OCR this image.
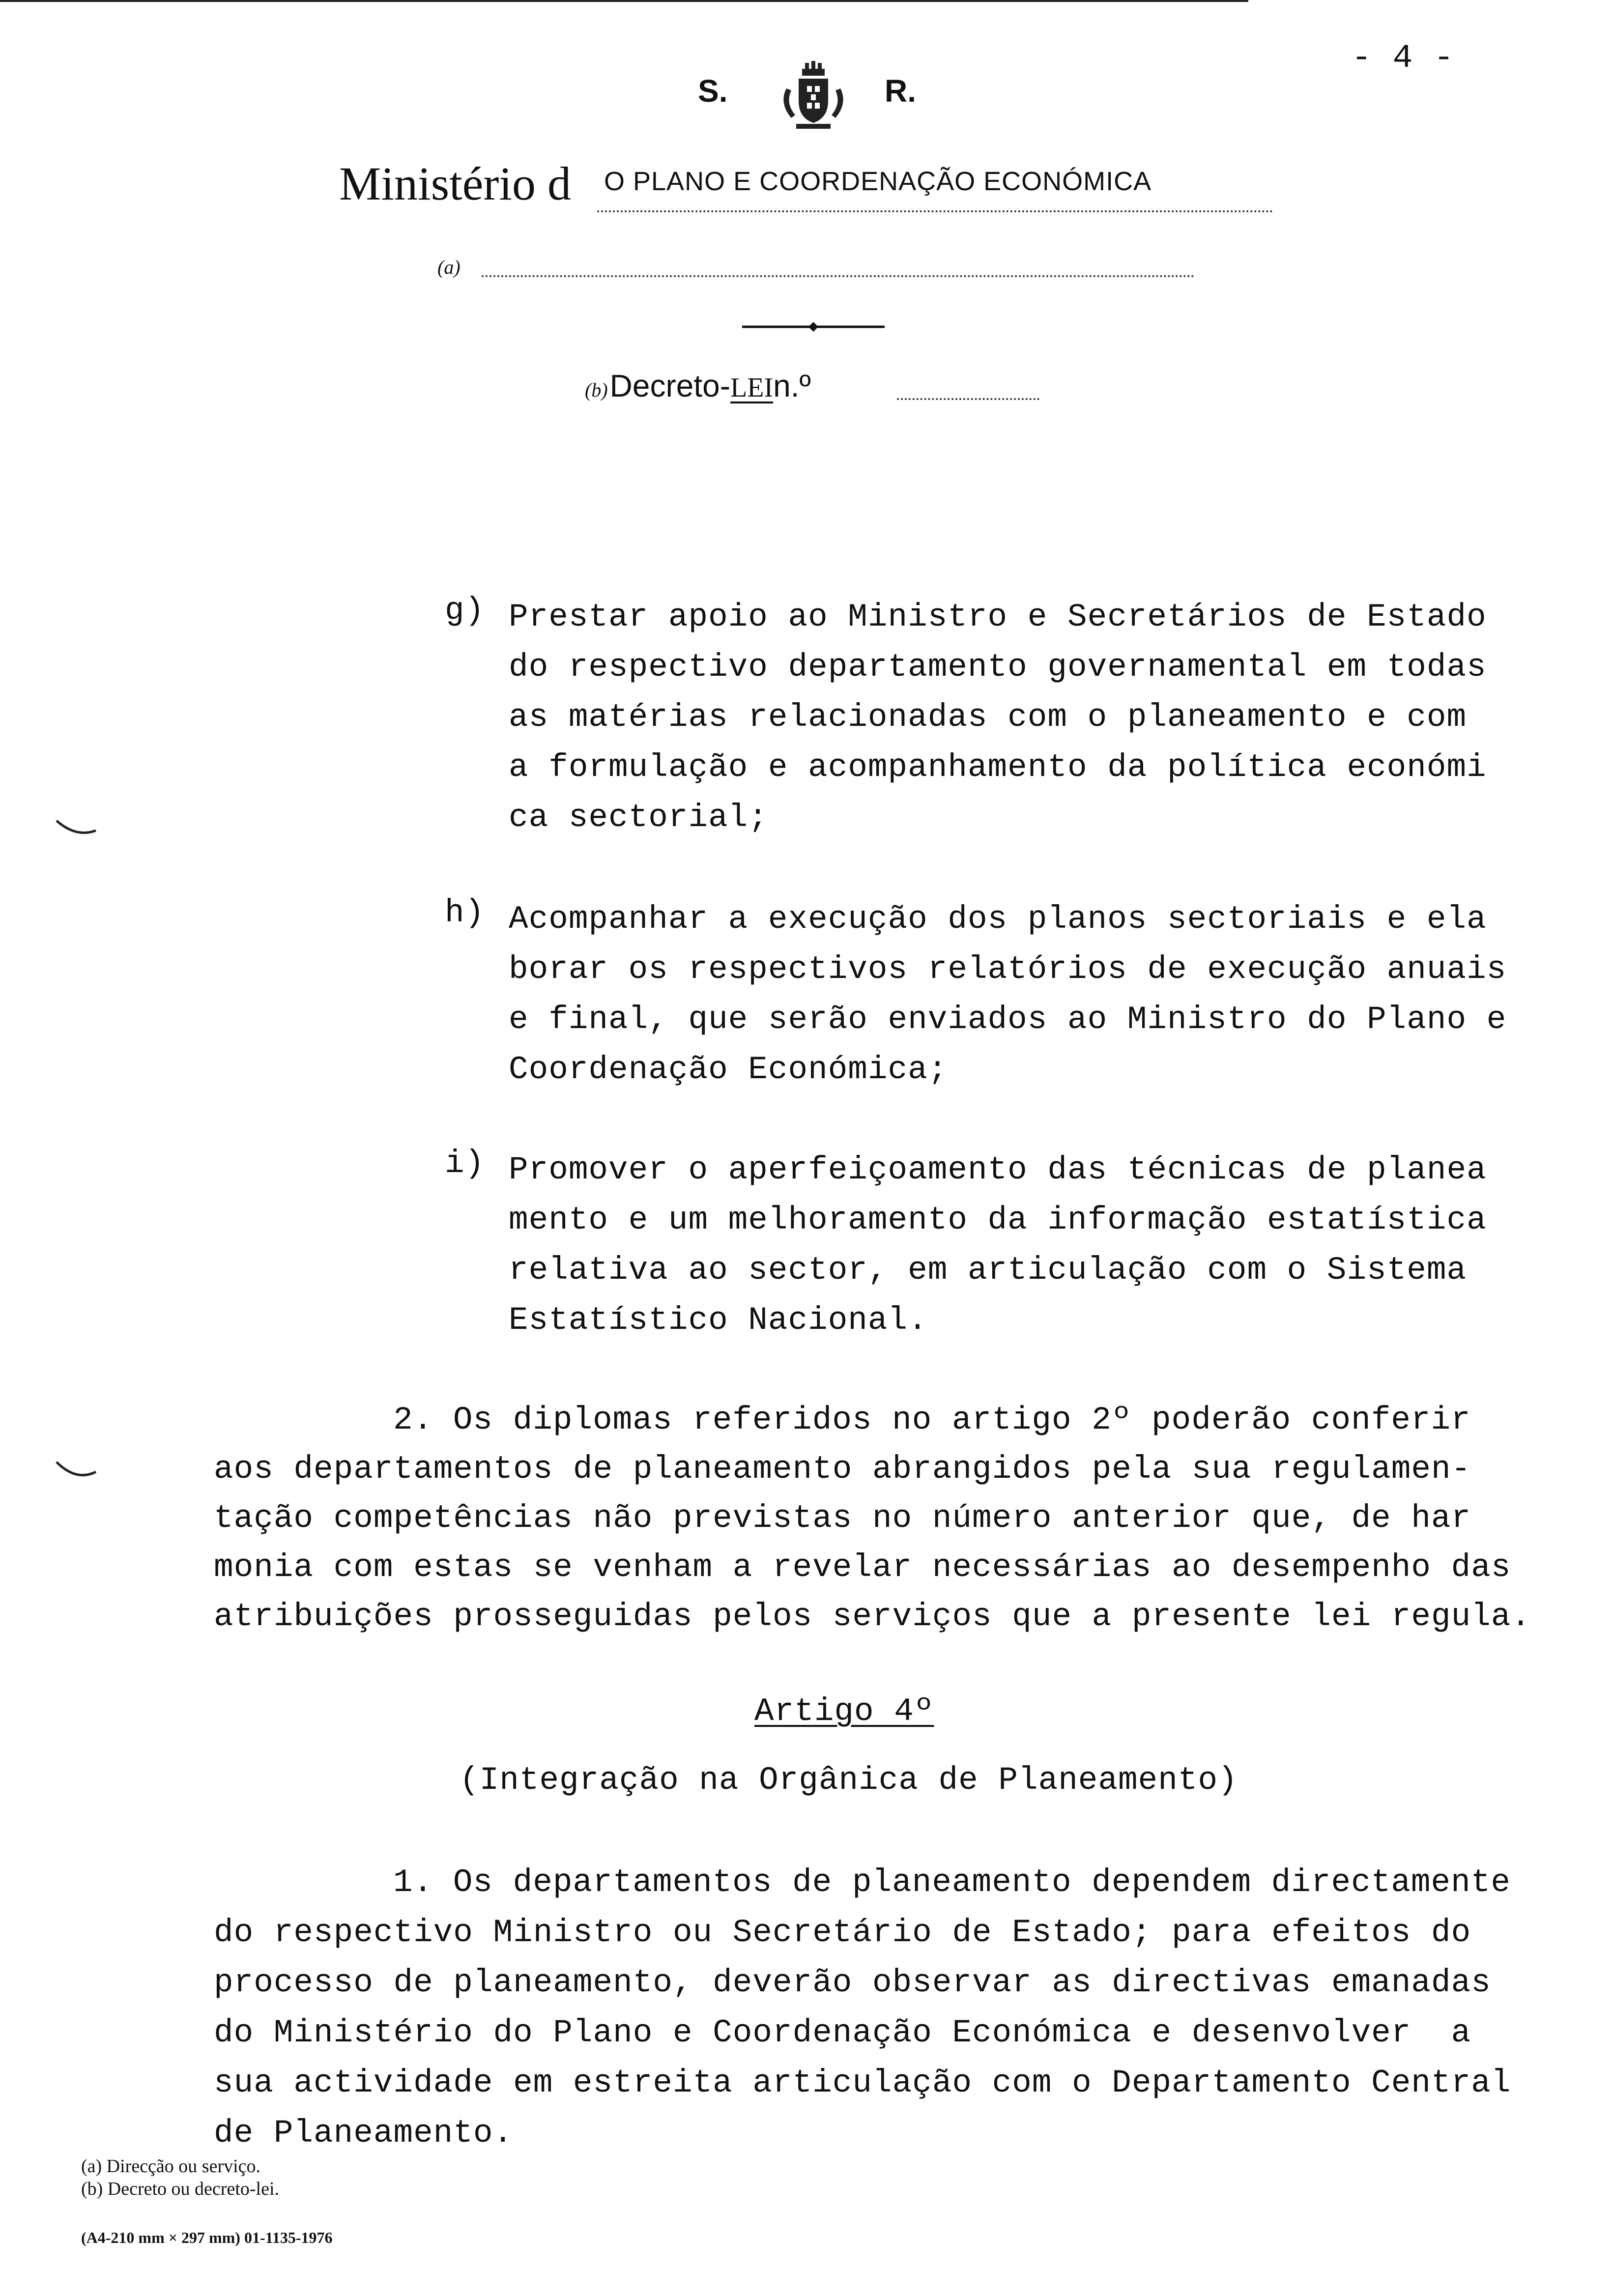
- 4 -
S.	R.
Ministério d O PLANO E COORDENAÇÃO ECONÓMICA
(a)
(b) Decreto-LEIn.º
g) Prestar apoio ao Ministro e Secretários de Estado
do respectivo departamento governamental em todas
as matérias relacionadas com o planeamento e com
a formulação e acompanhamento da política económi
ca sectorial;
h) Acompanhar a execução dos planos sectoriais e ela
borar os respectivos relatórios de execução anuais
e final, que serão enviados ao Ministro do Plano e
Coordenação Económica;
i) Promover o aperfeiçoamento das técnicas de planea
mento e um melhoramento da informação estatística
relativa ao sector, em articulação com o Sistema
Estatístico Nacional.
2. Os diplomas referidos no artigo 2º poderão conferir
aos departamentos de planeamento abrangidos pela sua regulamen-
tação competências não previstas no número anterior que, de har
monia com estas se venham a revelar necessárias ao desempenho das
atribuições prosseguidas pelos serviços que a presente lei regula.
Artigo 4º
(Integração na Orgânica de Planeamento)
1. Os departamentos de planeamento dependem directamente
do respectivo Ministro ou Secretário de Estado; para efeitos do
processo de planeamento, deverão observar as directivas emanadas
do Ministério do Plano e Coordenação Económica e desenvolver  a
sua actividade em estreita articulação com o Departamento Central
de Planeamento.
(a) Direcção ou serviço.
(b) Decreto ou decreto-lei.
(A4-210 mm × 297 mm) 01-1135-1976
